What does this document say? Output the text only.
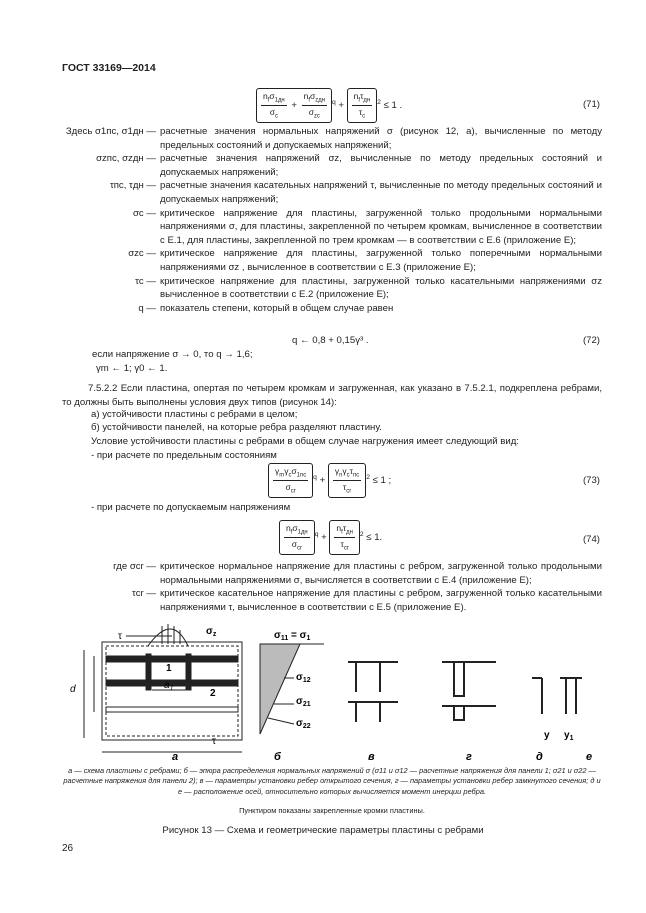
ГОСТ 33169—2014
$\frac{n_f\sigma_{1дн}}{\sigma_c} + \frac{n_f\sigma_{zдн}}{\sigma_{zc}} ^q + \frac{n_f\tau_{дн}}{\tau_c} ^2 \le 1$ .	(71)
Здесь σ1пс, σ1дн — расчетные значения нормальных напряжений σ (рисунок 12, а), вычисленные по методу предельных состояний и допускаемых напряжений;
σzпс, σzдн — расчетные значения напряжений σz, вычисленные по методу предельных состояний и допускаемых напряжений;
τпс, τдн — расчетные значения касательных напряжений τ, вычисленные по методу предельных состояний и допускаемых напряжений;
σc — критическое напряжение для пластины, загруженной только продольными нормальными напряжениями σ, для пластины, закрепленной по четырем кромкам, вычисленное в соответствии с Е.1, для пластины, закрепленной по трем кромкам — в соответствии с Е.6 (приложение Е);
σzc — критическое напряжение для пластины, загруженной только поперечными нормальными напряжениями σz , вычисленное в соответствии с Е.3 (приложение Е);
τc — критическое напряжение для пластины, загруженной только касательными напряжениями σz вычисленное в соответствии с Е.2 (приложение Е);
q — показатель степени, который в общем случае равен
q ← 0,8 + 0,15γ³ .	(72)
если напряжение σ → 0, то q → 1,6;
γm ← 1; γ0 ← 1.
7.5.2.2 Если пластина, опертая по четырем кромкам и загруженная, как указано в 7.5.2.1, подкреплена ребрами, то должны быть выполнены условия двух типов (рисунок 14):
а) устойчивости пластины с ребрами в целом;
б) устойчивости панелей, на которые ребра разделяют пластину.
Условие устойчивости пластины с ребрами в общем случае нагружения имеет следующий вид:
- при расчете по предельным состояниям
$\frac{\gamma_m\gamma_c\sigma_{1пс}}{\sigma_{cr}} ^q + \frac{\gamma_n\gamma_c\tau_{пс}}{\tau_{cr}} ^2 \le 1$ ;	(73)
- при расчете по допускаемым напряжениям
$\frac{n_f\sigma_{1дн}}{\sigma_{cr}} ^q + \frac{n_f\tau_{дн}}{\tau_{cr}} ^2 \le 1$.	(74)
где σcr — критическое нормальное напряжение для пластины с ребром, загруженной только продольными нормальными напряжениями σ, вычисляется в соответствии с Е.4 (приложение Е);
τcr — критическое касательное напряжение для пластины с ребром, загруженной только касательными напряжениями τ, вычисленное в соответствии с Е.5 (приложение Е).
τ	$\sigma_z$
1
2
d	$a_1$
τ
$\sigma_{11} = \sigma_1$
$\sigma_{12}$
$\sigma_{21}$
$\sigma_{22}$
y $y_1$
а	б	в	г	д	е
а — схема пластины с ребрами; б — эпюра распределения нормальных напряжений σ (σ11 и σ12 — расчетные напряжения для панели 1; σ21 и σ22 — расчетные напряжения для панели 2); в — параметры установки ребер открытого сечения, г — параметры установки ребер замкнутого сечения; д и е — расположение осей, относительно которых вычисляется момент инерции ребра.
Пунктиром показаны закрепленные кромки пластины.
Рисунок 13 — Схема и геометрические параметры пластины с ребрами
26
